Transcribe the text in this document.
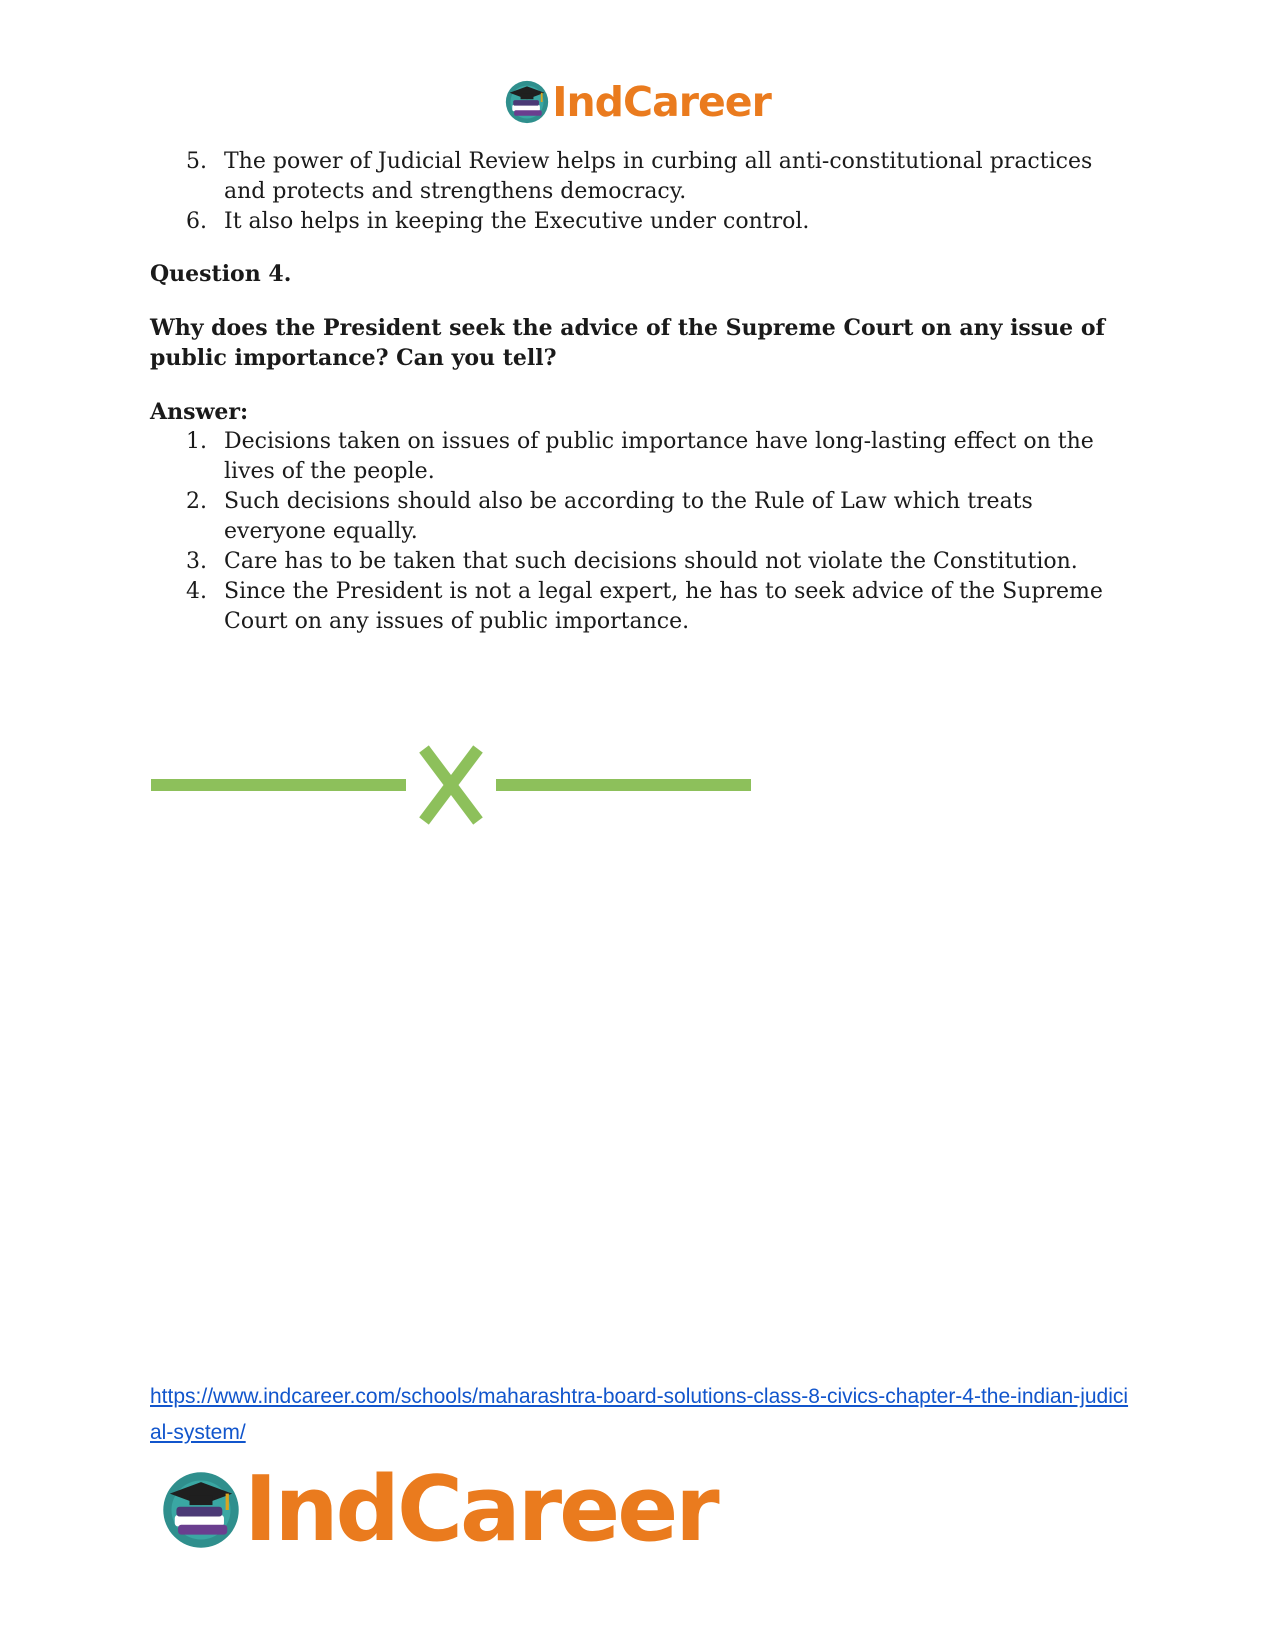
IndCareer
5. The power of Judicial Review helps in curbing all anti-constitutional practices and protects and strengthens democracy.
6. It also helps in keeping the Executive under control.

Question 4.

Why does the President seek the advice of the Supreme Court on any issue of public importance? Can you tell?

Answer:

1. Decisions taken on issues of public importance have long-lasting effect on the lives of the people.
2. Such decisions should also be according to the Rule of Law which treats everyone equally.
3. Care has to be taken that such decisions should not violate the Constitution.
4. Since the President is not a legal expert, he has to seek advice of the Supreme Court on any issues of public importance.
https://www.indcareer.com/schools/maharashtra-board-solutions-class-8-civics-chapter-4-the-indian-judicial-system/
IndCareer
